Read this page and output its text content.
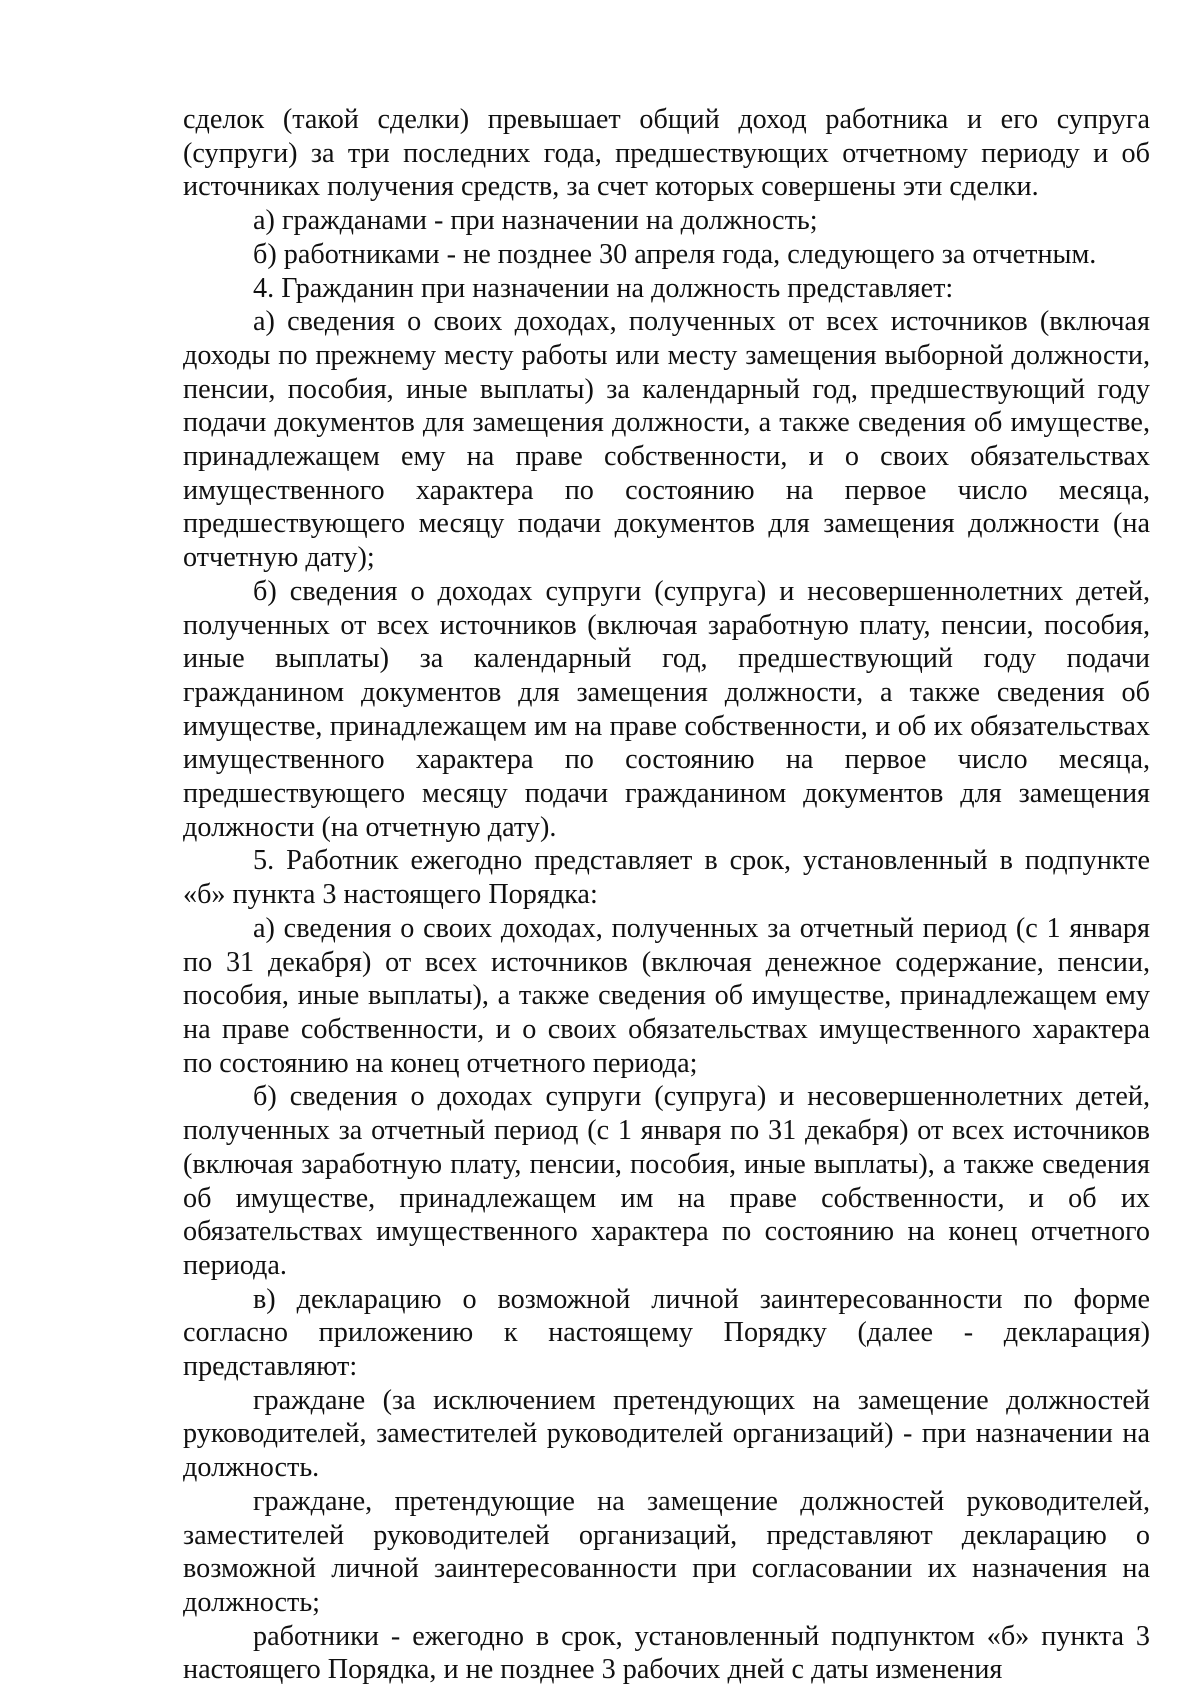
сделок (такой сделки) превышает общий доход работника и его супруга (супруги) за три последних года, предшествующих отчетному периоду и об источниках получения средств, за счет которых совершены эти сделки.

а) гражданами - при назначении на должность;

б) работниками - не позднее 30 апреля года, следующего за отчетным.

4. Гражданин при назначении на должность представляет:

а) сведения о своих доходах, полученных от всех источников (включая доходы по прежнему месту работы или месту замещения выборной должности, пенсии, пособия, иные выплаты) за календарный год, предшествующий году подачи документов для замещения должности, а также сведения об имуществе, принадлежащем ему на праве собственности, и о своих обязательствах имущественного характера по состоянию на первое число месяца, предшествующего месяцу подачи документов для замещения должности (на отчетную дату);

б) сведения о доходах супруги (супруга) и несовершеннолетних детей, полученных от всех источников (включая заработную плату, пенсии, пособия, иные выплаты) за календарный год, предшествующий году подачи гражданином документов для замещения должности, а также сведения об имуществе, принадлежащем им на праве собственности, и об их обязательствах имущественного характера по состоянию на первое число месяца, предшествующего месяцу подачи гражданином документов для замещения должности (на отчетную дату).

5. Работник ежегодно представляет в срок, установленный в подпункте «б» пункта 3 настоящего Порядка:

а) сведения о своих доходах, полученных за отчетный период (с 1 января по 31 декабря) от всех источников (включая денежное содержание, пенсии, пособия, иные выплаты), а также сведения об имуществе, принадлежащем ему на праве собственности, и о своих обязательствах имущественного характера по состоянию на конец отчетного периода;

б) сведения о доходах супруги (супруга) и несовершеннолетних детей, полученных за отчетный период (с 1 января по 31 декабря) от всех источников (включая заработную плату, пенсии, пособия, иные выплаты), а также сведения об имуществе, принадлежащем им на праве собственности, и об их обязательствах имущественного характера по состоянию на конец отчетного периода.

в) декларацию о возможной личной заинтересованности по форме согласно приложению к настоящему Порядку (далее - декларация) представляют:

граждане (за исключением претендующих на замещение должностей руководителей, заместителей руководителей организаций) - при назначении на должность.

граждане, претендующие на замещение должностей руководителей, заместителей руководителей организаций, представляют декларацию о возможной личной заинтересованности при согласовании их назначения на должность;

работники - ежегодно в срок, установленный подпунктом «б» пункта 3 настоящего Порядка, и не позднее 3 рабочих дней с даты изменения
